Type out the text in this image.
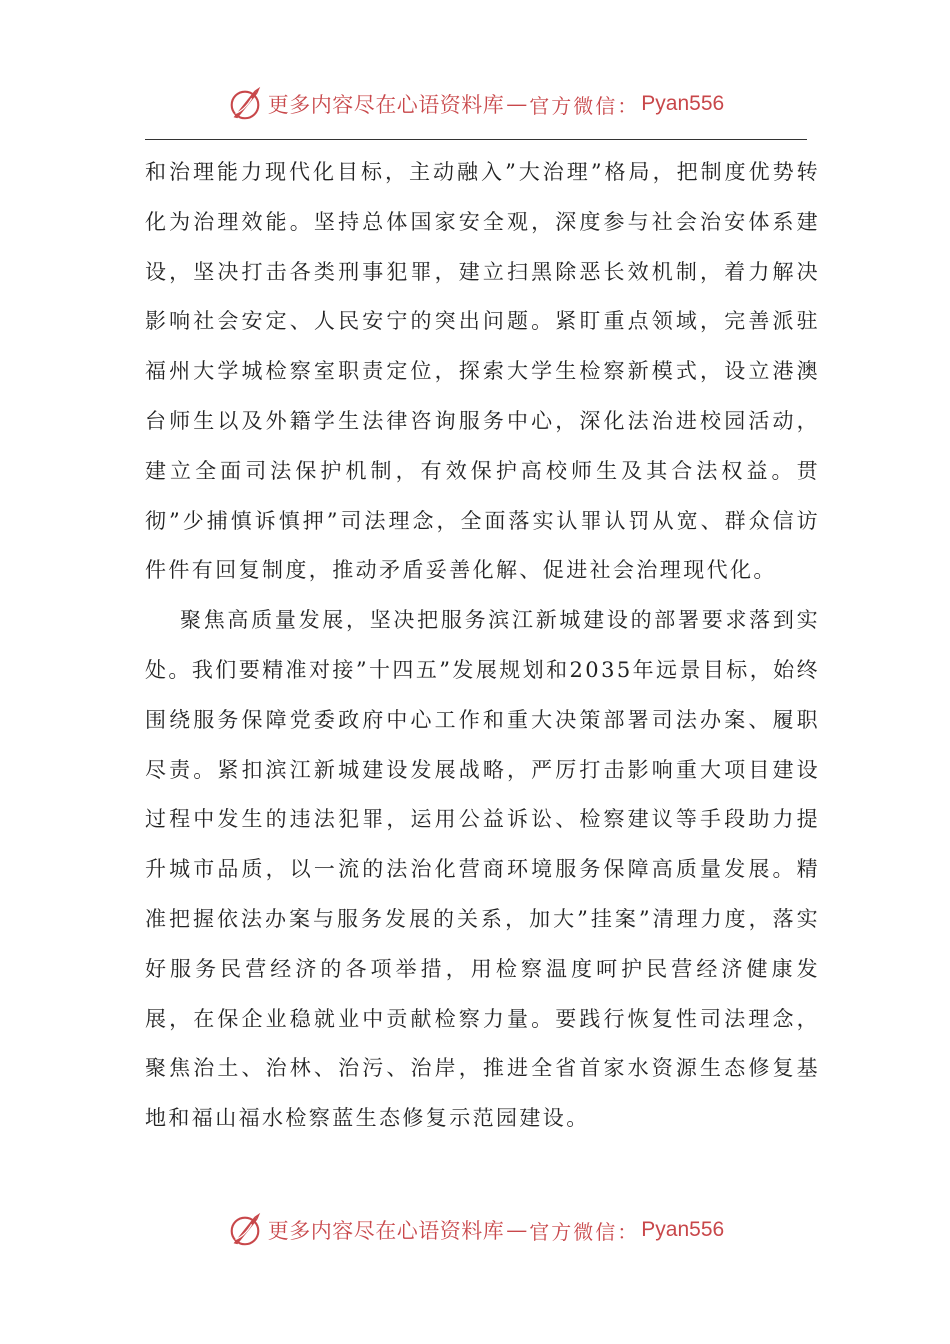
更多内容尽在心语资料库 — 官方微信： Pyan556

和治理能力现代化目标，主动融入”大治理”格局，把制度优势转化为治理效能。坚持总体国家安全观，深度参与社会治安体系建设，坚决打击各类刑事犯罪，建立扫黑除恶长效机制，着力解决影响社会安定、人民安宁的突出问题。紧盯重点领域，完善派驻福州大学城检察室职责定位，探索大学生检察新模式，设立港澳台师生以及外籍学生法律咨询服务中心，深化法治进校园活动，建立全面司法保护机制，有效保护高校师生及其合法权益。贯彻”少捕慎诉慎押”司法理念，全面落实认罪认罚从宽、群众信访件件有回复制度，推动矛盾妥善化解、促进社会治理现代化。

聚焦高质量发展，坚决把服务滨江新城建设的部署要求落到实处。我们要精准对接”十四五”发展规划和2035年远景目标，始终围绕服务保障党委政府中心工作和重大决策部署司法办案、履职尽责。紧扣滨江新城建设发展战略，严厉打击影响重大项目建设过程中发生的违法犯罪，运用公益诉讼、检察建议等手段助力提升城市品质，以一流的法治化营商环境服务保障高质量发展。精准把握依法办案与服务发展的关系，加大”挂案”清理力度，落实好服务民营经济的各项举措，用检察温度呵护民营经济健康发展，在保企业稳就业中贡献检察力量。要践行恢复性司法理念，聚焦治土、治林、治污、治岸，推进全省首家水资源生态修复基地和福山福水检察蓝生态修复示范园建设。

更多内容尽在心语资料库 — 官方微信： Pyan556
